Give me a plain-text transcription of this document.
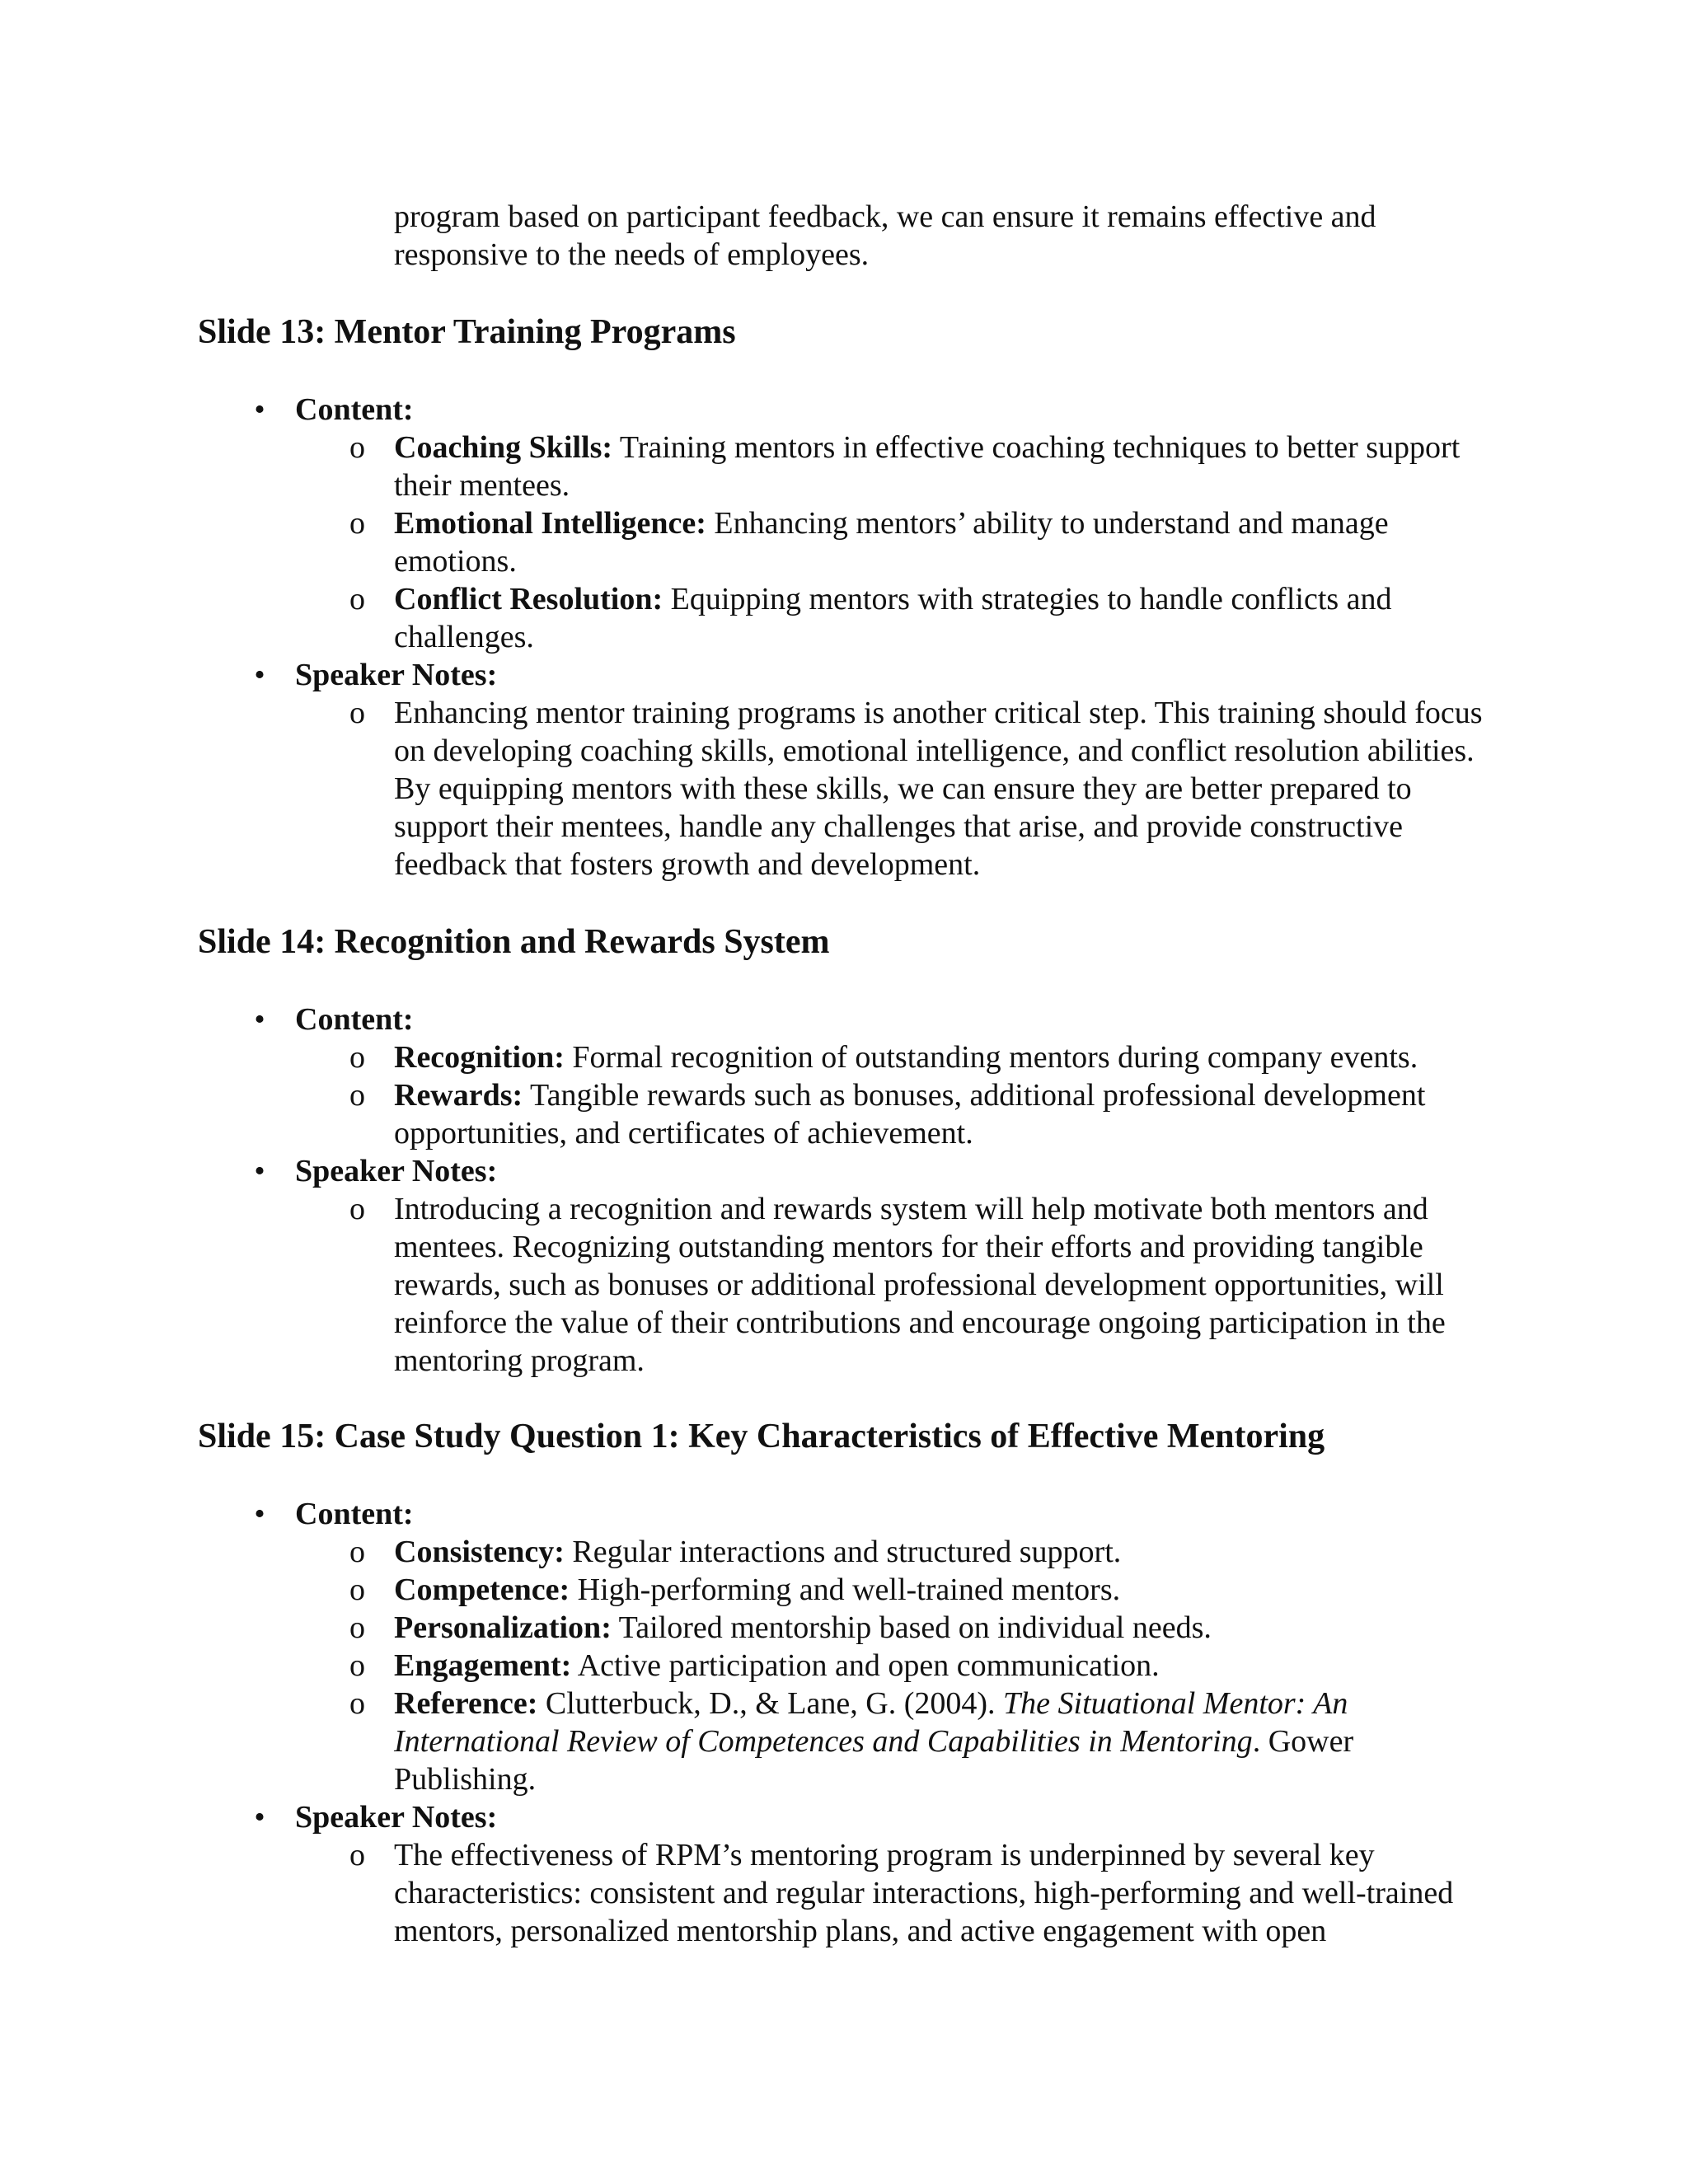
program based on participant feedback, we can ensure it remains effective and responsive to the needs of employees.

Slide 13: Mentor Training Programs
• Content:
o Coaching Skills: Training mentors in effective coaching techniques to better support their mentees.
o Emotional Intelligence: Enhancing mentors’ ability to understand and manage emotions.
o Conflict Resolution: Equipping mentors with strategies to handle conflicts and challenges.
• Speaker Notes:
o Enhancing mentor training programs is another critical step. This training should focus on developing coaching skills, emotional intelligence, and conflict resolution abilities. By equipping mentors with these skills, we can ensure they are better prepared to support their mentees, handle any challenges that arise, and provide constructive feedback that fosters growth and development.
Slide 14: Recognition and Rewards System
• Content:
o Recognition: Formal recognition of outstanding mentors during company events.
o Rewards: Tangible rewards such as bonuses, additional professional development opportunities, and certificates of achievement.
• Speaker Notes:
o Introducing a recognition and rewards system will help motivate both mentors and mentees. Recognizing outstanding mentors for their efforts and providing tangible rewards, such as bonuses or additional professional development opportunities, will reinforce the value of their contributions and encourage ongoing participation in the mentoring program.
Slide 15: Case Study Question 1: Key Characteristics of Effective Mentoring
• Content:
o Consistency: Regular interactions and structured support.
o Competence: High-performing and well-trained mentors.
o Personalization: Tailored mentorship based on individual needs.
o Engagement: Active participation and open communication.
o Reference: Clutterbuck, D., & Lane, G. (2004). The Situational Mentor: An International Review of Competences and Capabilities in Mentoring. Gower Publishing.
• Speaker Notes:
o The effectiveness of RPM’s mentoring program is underpinned by several key characteristics: consistent and regular interactions, high-performing and well-trained mentors, personalized mentorship plans, and active engagement with open
